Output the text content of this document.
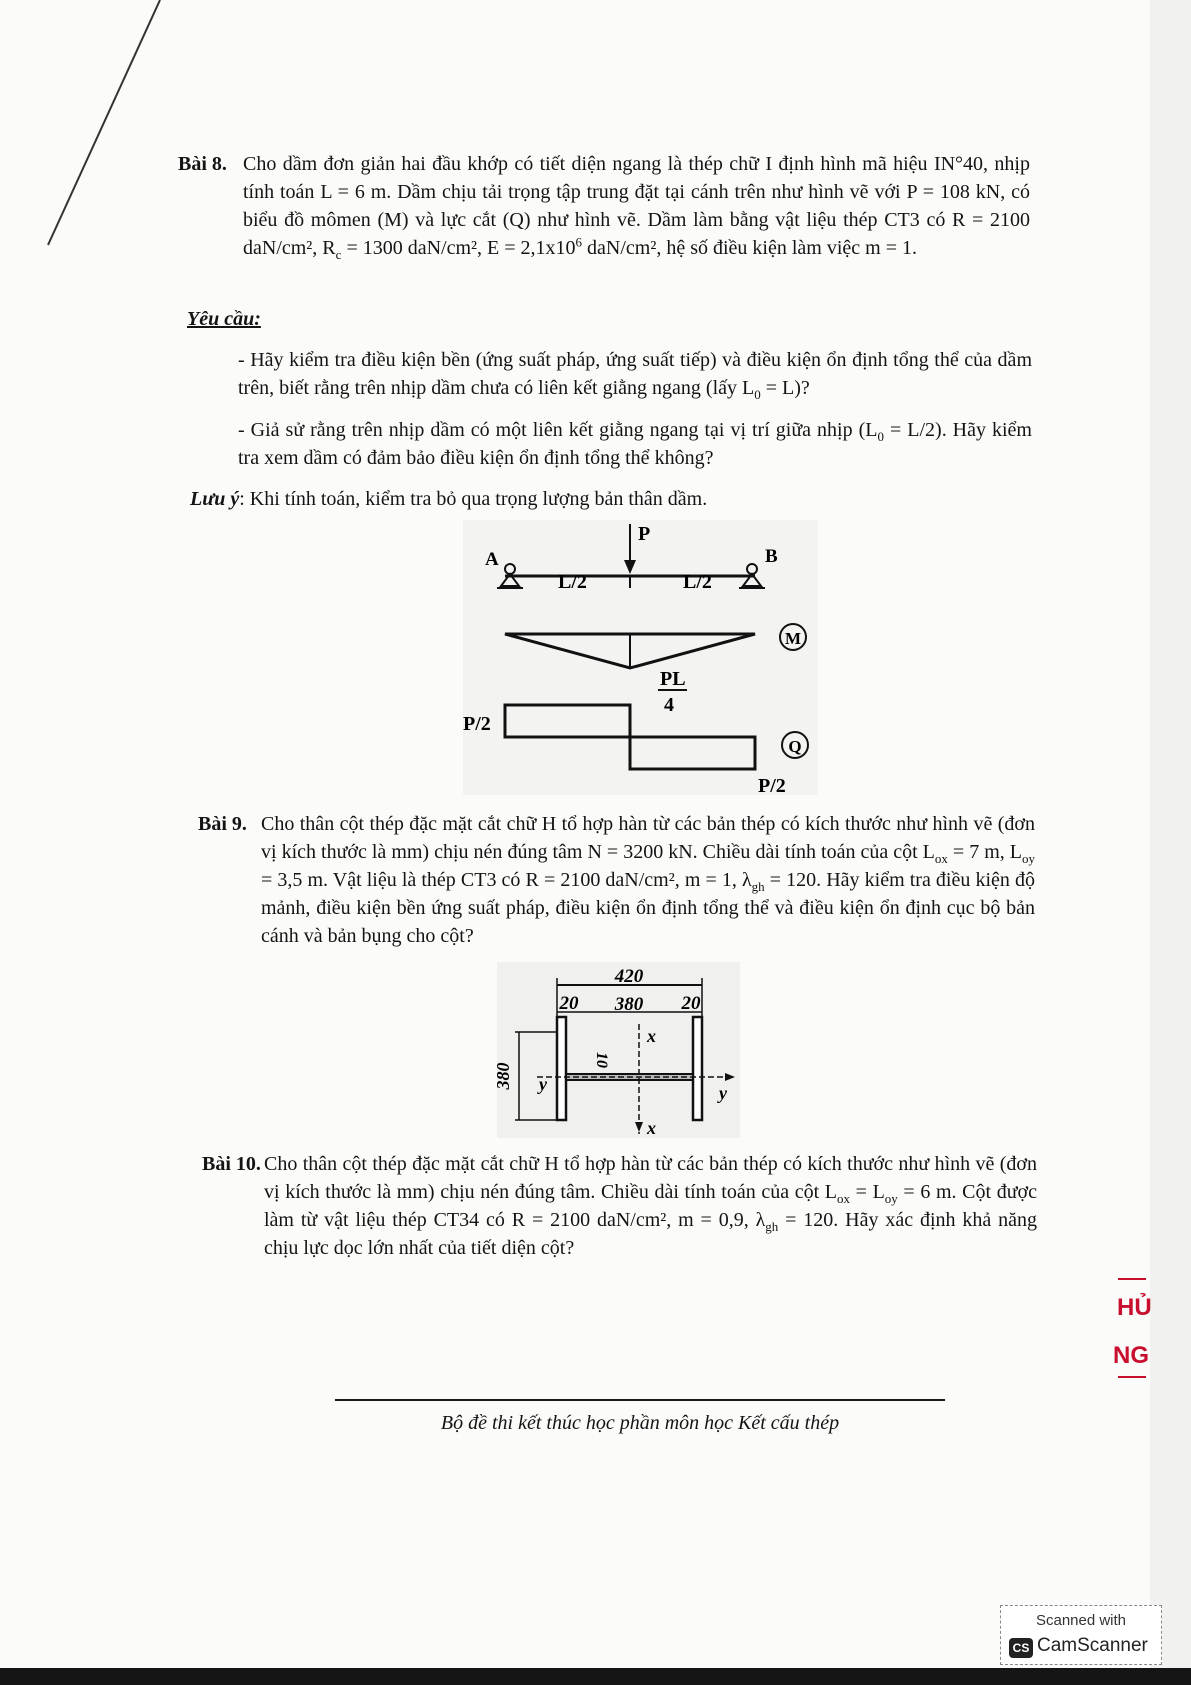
Bài 8. Cho dầm đơn giản hai đầu khớp có tiết diện ngang là thép chữ I định hình mã hiệu IN°40, nhịp tính toán L = 6 m. Dầm chịu tải trọng tập trung đặt tại cánh trên như hình vẽ với P = 108 kN, có biểu đồ mômen (M) và lực cắt (Q) như hình vẽ. Dầm làm bằng vật liệu thép CT3 có R = 2100 daN/cm², $R_c = 1300$ daN/cm², $E = 2,1x10^6$ daN/cm², hệ số điều kiện làm việc m = 1.

Yêu cầu:
- Hãy kiểm tra điều kiện bền (ứng suất pháp, ứng suất tiếp) và điều kiện ổn định tổng thể của dầm trên, biết rằng trên nhịp dầm chưa có liên kết giằng ngang (lấy $L_0 = L$)?
- Giả sử rằng trên nhịp dầm có một liên kết giằng ngang tại vị trí giữa nhịp $(L_0 = L/2)$. Hãy kiểm tra xem dầm có đảm bảo điều kiện ổn định tổng thể không?
Lưu ý: Khi tính toán, kiểm tra bỏ qua trọng lượng bản thân dầm.
P
A	B
L/2	L/2
M
PL
4
Q
P/2
P/2
Bài 9. Cho thân cột thép đặc mặt cắt chữ H tổ hợp hàn từ các bản thép có kích thước như hình vẽ (đơn vị kích thước là mm) chịu nén đúng tâm N = 3200 kN. Chiều dài tính toán của cột $L_{ox} = 7$ m, $L_{oy} = 3,5$ m. Vật liệu là thép CT3 có R = 2100 daN/cm², m = 1, $\lambda_{gh} = 120$. Hãy kiểm tra điều kiện độ mảnh, điều kiện bền ứng suất pháp, điều kiện ổn định tổng thể và điều kiện ổn định cục bộ bản cánh và bản bụng cho cột?

420
20 380 20
380
10
x
x
y	y
Bài 10. Cho thân cột thép đặc mặt cắt chữ H tổ hợp hàn từ các bản thép có kích thước như hình vẽ (đơn vị kích thước là mm) chịu nén đúng tâm. Chiều dài tính toán của cột $L_{ox} = L_{oy} = 6$ m. Cột được làm từ vật liệu thép CT34 có R = 2100 daN/cm², m = 0,9, $\lambda_{gh} = 120$. Hãy xác định khả năng chịu lực dọc lớn nhất của tiết diện cột?

HỦ
NG
Bộ đề thi kết thúc học phần môn học Kết cấu thép
Scanned with
CS CamScanner
